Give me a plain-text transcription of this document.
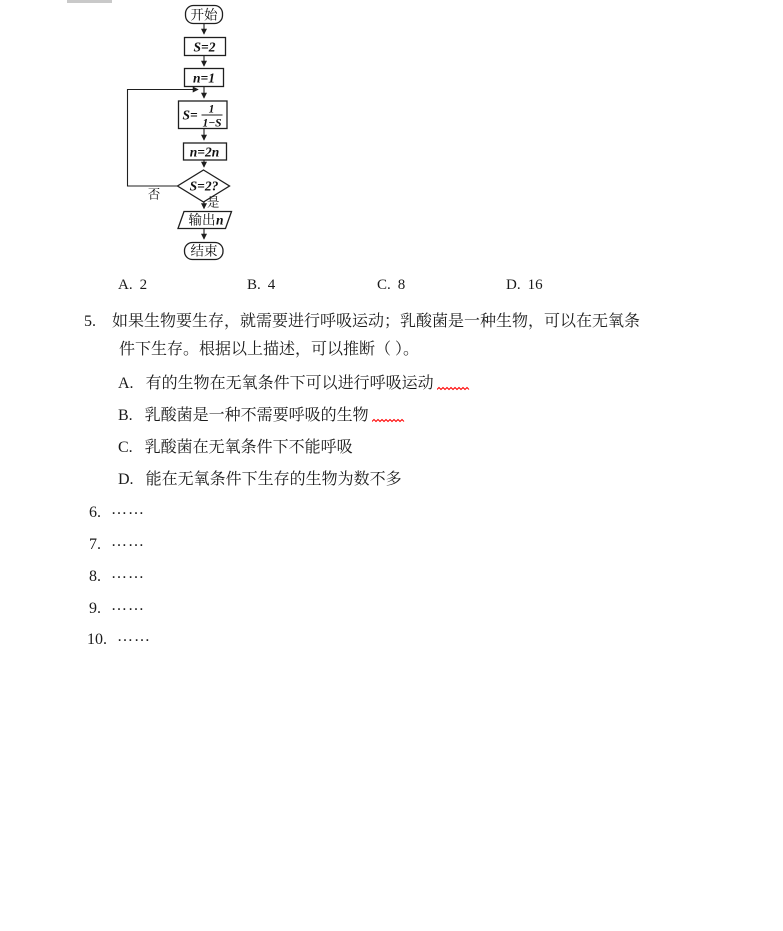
开始
S=2
n=1
S= 1
1−S
n=2n
S=2?
否
是
输出 n
结束
A. 2	B. 4	C. 8	D. 16
5. 如果生物要生存，就需要进行呼吸运动；乳酸菌是一种生物，可以在无氧条
件下生存。根据以上描述，可以推断（ ）。
A. 有的生物在无氧条件下可以进行呼吸运动
B. 乳酸菌是一种不需要呼吸的生物
C. 乳酸菌在无氧条件下不能呼吸
D. 能在无氧条件下生存的生物为数不多
6. ……
7. ……
8. ……
9. ……
10. ……
